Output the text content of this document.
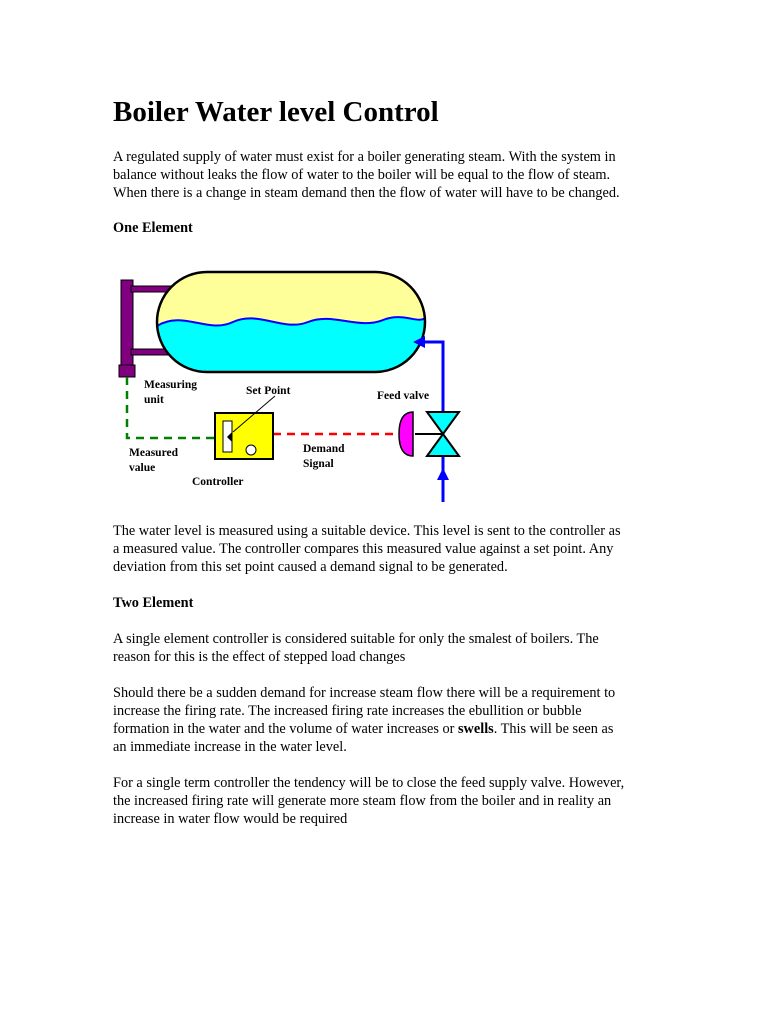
Boiler Water level Control

A regulated supply of water must exist for a boiler generating steam. With the system in
balance without leaks the flow of water to the boiler will be equal to the flow of steam.
When there is a change in steam demand then the flow of water will have to be changed.

One Element

The water level is measured using a suitable device. This level is sent to the controller as
a measured value. The controller compares this measured value against a set point. Any
deviation from this set point caused a demand signal to be generated.

Two Element

A single element controller is considered suitable for only the smalest of boilers. The
reason for this is the effect of stepped load changes

Should there be a sudden demand for increase steam flow there will be a requirement to
increase the firing rate. The increased firing rate increases the ebullition or bubble
formation in the water and the volume of water increases or swells. This will be seen as
an immediate increase in the water level.

For a single term controller the tendency will be to close the feed supply valve. However,
the increased firing rate will generate more steam flow from the boiler and in reality an
increase in water flow would be required

Measuring
unit
Set Point	Feed valve
Measured
value
Demand
Signal
Controller
